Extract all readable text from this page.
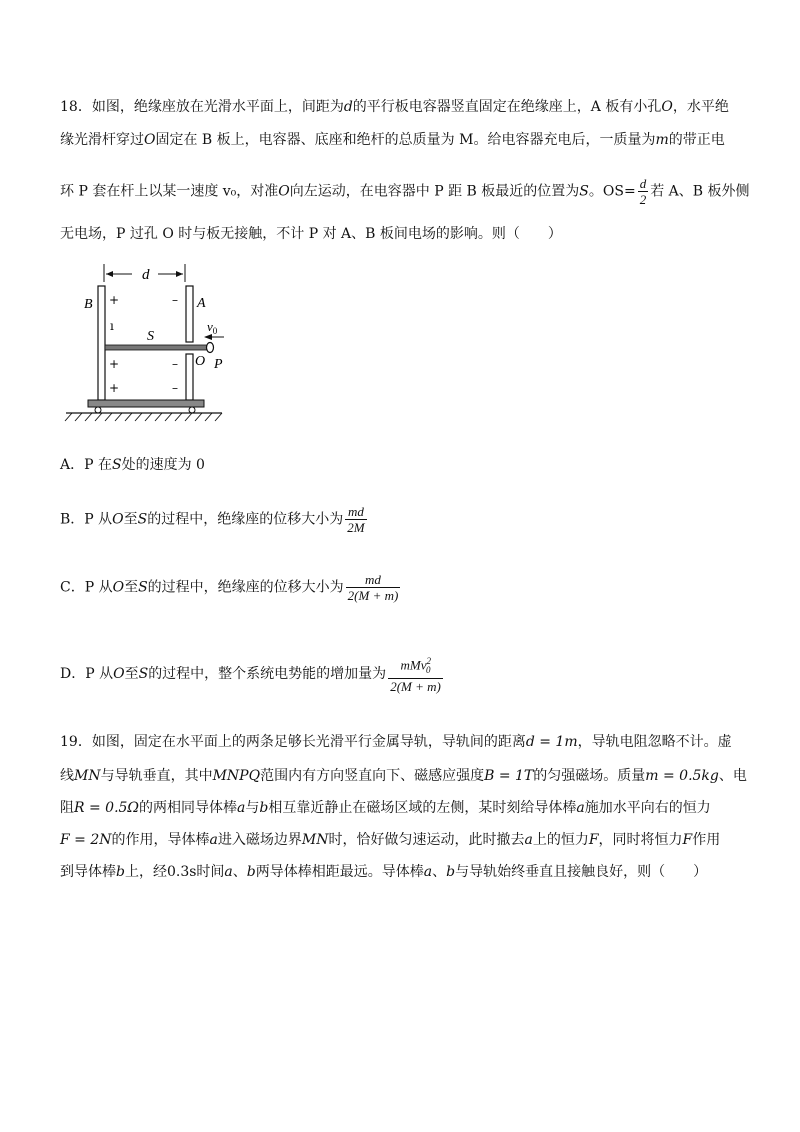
18．如图，绝缘座放在光滑水平面上，间距为d的平行板电容器竖直固定在绝缘座上，A 板有小孔O，水平绝
缘光滑杆穿过O固定在 B 板上，电容器、底座和绝杆的总质量为 M。给电容器充电后，一质量为m的带正电
环 P 套在杆上以某一速度 v₀，对准O向左运动，在电容器中 P 距 B 板最近的位置为S。$OS= \frac{d}{2}$ 若 A、B 板外侧
无电场，P 过孔 O 时与板无接触，不计 P 对 A、B 板间电场的影响。则（　　）
d
B	A
+	–
ı
+	–
+	–
S
O P
$v_0$
A．P 在S处的速度为 0
B．P 从O至S的过程中，绝缘座的位移大小为 $\frac{md}{2M}$
C．P 从O至S的过程中，绝缘座的位移大小为 $\frac{md}{2(M + m)}$
D．P 从O至S的过程中，整个系统电势能的增加量为 $\frac{mMv^2_0}{2(M + m)}$
19．如图，固定在水平面上的两条足够长光滑平行金属导轨，导轨间的距离d = 1m，导轨电阻忽略不计。虚
线MN与导轨垂直，其中MNPQ范围内有方向竖直向下、磁感应强度B = 1T的匀强磁场。质量m = 0.5kg、电
阻R = 0.5Ω的两相同导体棒a与b相互靠近静止在磁场区域的左侧，某时刻给导体棒a施加水平向右的恒力
F = 2N的作用，导体棒a进入磁场边界MN时，恰好做匀速运动，此时撤去a上的恒力F，同时将恒力F作用
到导体棒b上，经0.3s时间a、b两导体棒相距最远。导体棒a、b与导轨始终垂直且接触良好，则（　　）
